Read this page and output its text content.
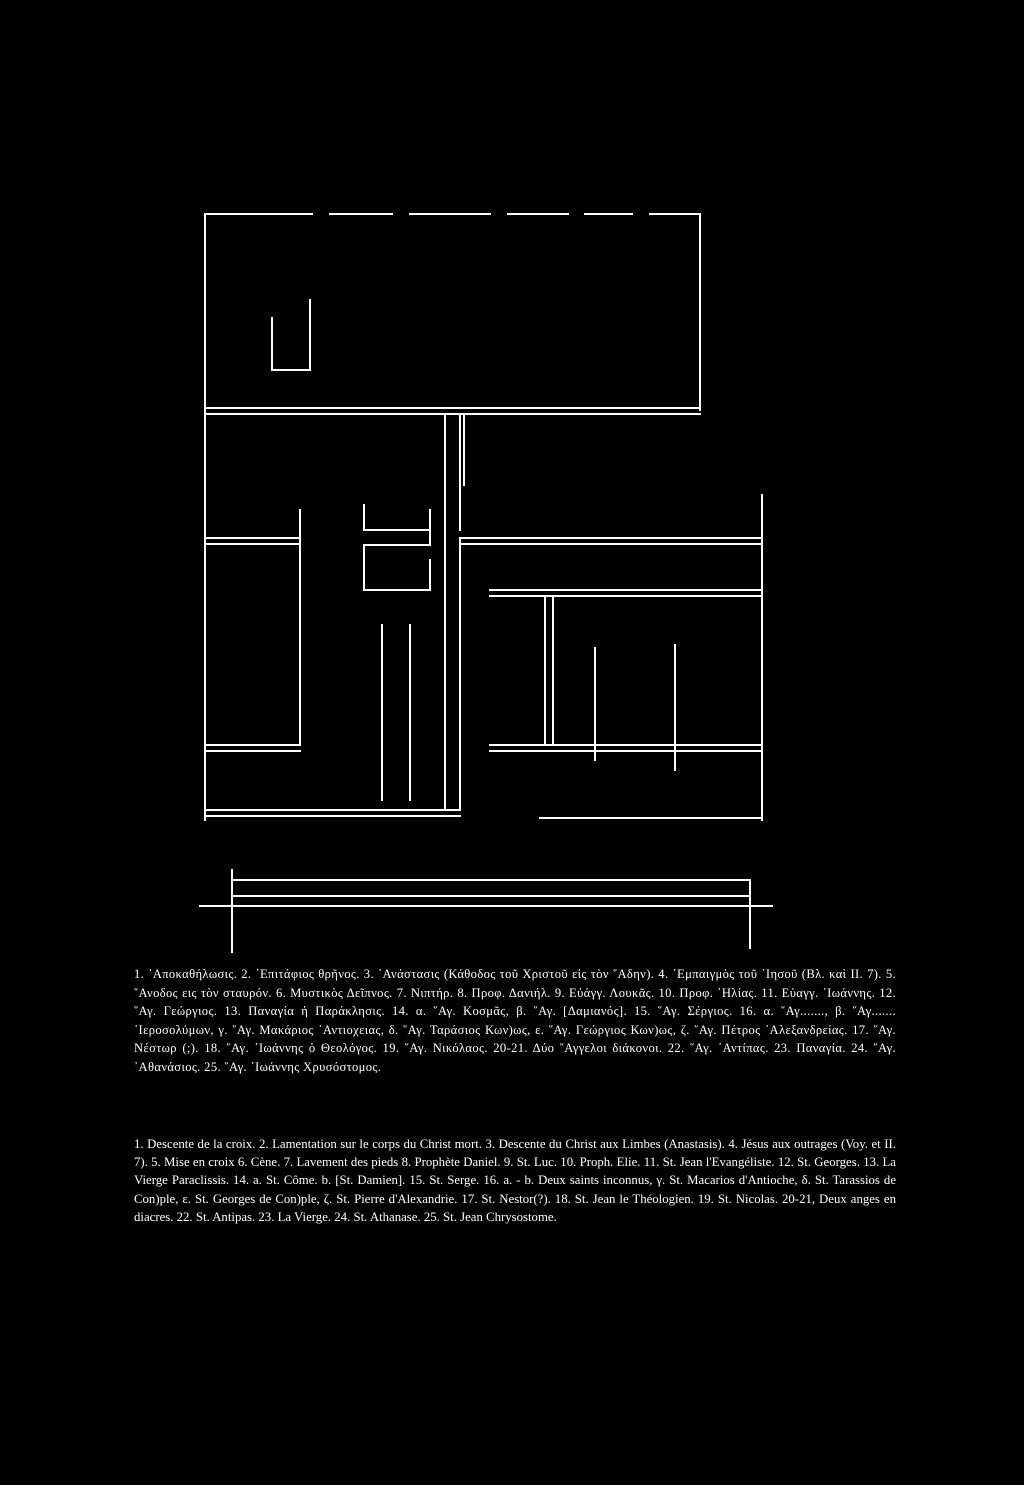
1. ᾿Αποκαθήλωσις. 2. ᾿Επιτάφιος θρῆνος. 3. ᾿Ανάστασις (Κάθοδος τοῦ Χριστοῦ εἰς τὸν ῞Αδην). 4. ᾿Εμπαιγμὸς τοῦ ᾿Ιησοῦ (Βλ. καὶ ΙΙ. 7). 5. ῞Ανοδος εις τὸν σταυρόν. 6. Μυστικὸς Δεῖπνος. 7. Νιπτήρ. 8. Προφ. Δανιήλ. 9. Εὐάγγ. Λουκᾶς. 10. Προφ. ᾿Ηλίας. 11. Εὐαγγ. ᾿Ιωάννης. 12. ῞Αγ. Γεώργιος. 13. Παναγία ἡ Παράκλησις. 14. α. ῞Αγ. Κοσμᾶς, β. ῞Αγ. [Δαμιανός]. 15. ῞Αγ. Σέργιος. 16. α. ῞Αγ......., β. ῞Αγ....... ᾿Ιεροσολύμων, γ. ῞Αγ. Μακάριος ᾿Αντιοχειας, δ. ῞Αγ. Ταράσιος Κων)ως, ε. ῞Αγ. Γεώργιος Κων)ως, ζ. ῞Αγ. Πέτρος ᾿Αλεξανδρείας. 17. ῞Αγ. Νέστωρ (;). 18. ῞Αγ. ᾿Ιωάννης ὁ Θεολόγος. 19. ῞Αγ. Νικόλαος. 20-21. Δύο ῎Αγγελοι διάκονοι. 22. ῞Αγ. ᾿Αντίπας. 23. Παναγία. 24. ῞Αγ. ᾿Αθανάσιος. 25. ῞Αγ. ᾿Ιωάννης Χρυσόστομος.

1. Descente de la croix. 2. Lamentation sur le corps du Christ mort. 3. Descente du Christ aux Limbes (Anastasis). 4. Jésus aux outrages (Voy. et II. 7). 5. Mise en croix 6. Cène. 7. Lavement des pieds 8. Prophète Daniel. 9. St. Luc. 10. Proph. Elie. 11. St. Jean l'Evangéliste. 12. St. Georges. 13. La Vierge Paraclissis. 14. a. St. Côme. b. [St. Damien]. 15. St. Serge. 16. a. - b. Deux saints inconnus, γ. St. Macarios d'Antioche, δ. St. Tarassios de Con)ple, ε. St. Georges de Con)ple, ζ. St. Pierre d'Alexandrie. 17. St. Nestor(?). 18. St. Jean le Théologien. 19. St. Nicolas. 20-21, Deux anges en diacres. 22. St. Antipas. 23. La Vierge. 24. St. Athanase. 25. St. Jean Chrysostome.
